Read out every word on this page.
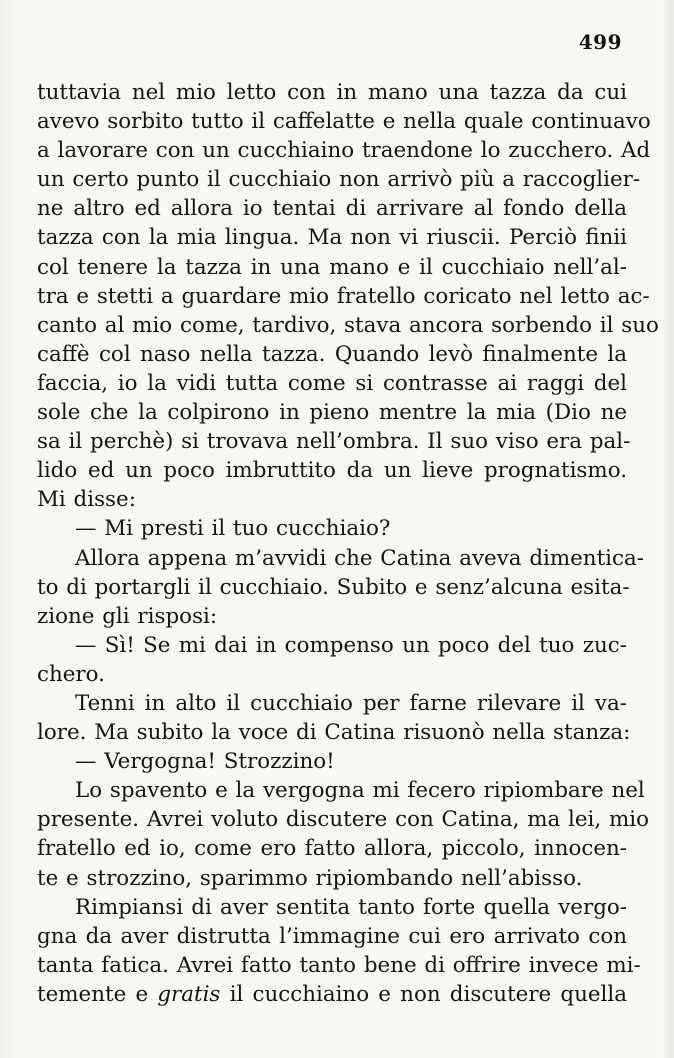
499
tuttavia nel mio letto con in mano una tazza da cui
avevo sorbito tutto il caffelatte e nella quale continuavo
a lavorare con un cucchiaino traendone lo zucchero. Ad
un certo punto il cucchiaio non arrivò più a raccoglier-
ne altro ed allora io tentai di arrivare al fondo della
tazza con la mia lingua. Ma non vi riuscii. Perciò finii
col tenere la tazza in una mano e il cucchiaio nell’al-
tra e stetti a guardare mio fratello coricato nel letto ac-
canto al mio come, tardivo, stava ancora sorbendo il suo
caffè col naso nella tazza. Quando levò finalmente la
faccia, io la vidi tutta come si contrasse ai raggi del
sole che la colpirono in pieno mentre la mia (Dio ne
sa il perchè) si trovava nell’ombra. Il suo viso era pal-
lido ed un poco imbruttito da un lieve prognatismo.
Mi disse:
— Mi presti il tuo cucchiaio?
Allora appena m’avvidi che Catina aveva dimentica-
to di portargli il cucchiaio. Subito e senz’alcuna esita-
zione gli risposi:
— Sì! Se mi dai in compenso un poco del tuo zuc-
chero.
Tenni in alto il cucchiaio per farne rilevare il va-
lore. Ma subito la voce di Catina risuonò nella stanza:
— Vergogna! Strozzino!
Lo spavento e la vergogna mi fecero ripiombare nel
presente. Avrei voluto discutere con Catina, ma lei, mio
fratello ed io, come ero fatto allora, piccolo, innocen-
te e strozzino, sparimmo ripiombando nell’abisso.
Rimpiansi di aver sentita tanto forte quella vergo-
gna da aver distrutta l’immagine cui ero arrivato con
tanta fatica. Avrei fatto tanto bene di offrire invece mi-
temente e gratis il cucchiaino e non discutere quella
